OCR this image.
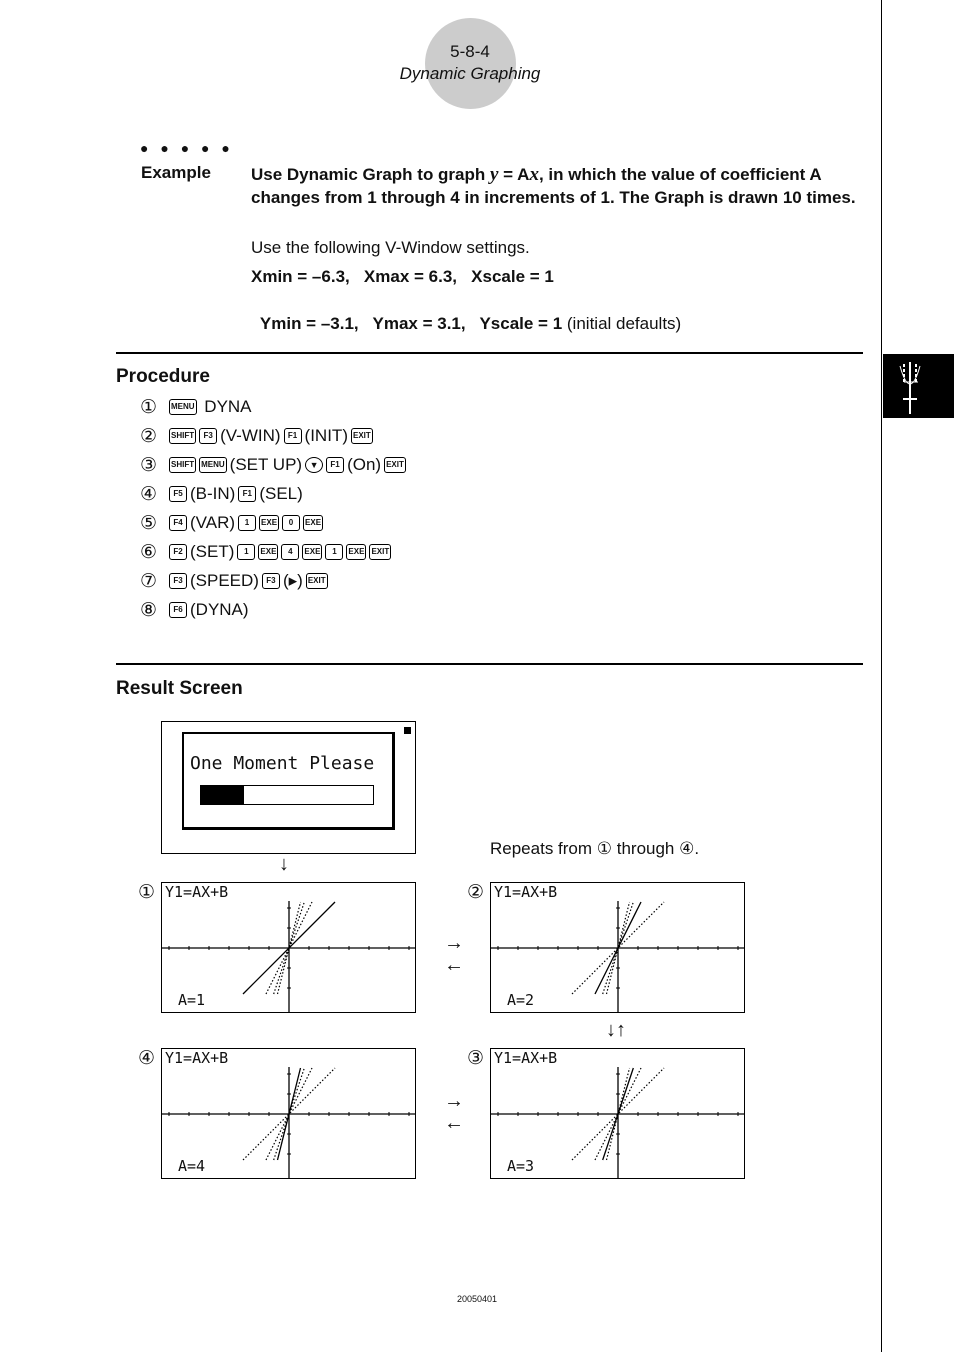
5-8-4
Dynamic Graphing
● ● ● ● ●
Example Use Dynamic Graph to graph y = Ax, in which the value of coefficient A changes from 1 through 4 in increments of 1. The Graph is drawn 10 times.
Use the following V-Window settings.
Xmin = –6.3,   Xmax = 6.3,   Xscale = 1

Ymin = –3.1,   Ymax = 3.1,   Yscale = 1 (initial defaults)

Procedure
①	MENU DYNA
②	SHIFT	F3 (V-WIN) F1 (INIT) EXIT
③	SHIFT MENU (SET UP) ▼	F1 (On) EXIT
④	F5 (B-IN) F1 (SEL)
⑤	F4 (VAR)	1	EXE	0	EXE
⑥	F2 (SET)	1	EXE	4	EXE	1	EXE EXIT
⑦	F3 (SPEED) F3 (▸) EXIT
⑧	F6 (DYNA)
Result Screen
One Moment Please
↓
Repeats from ① through ④.
① Y1=AX+B
A=1
② Y1=AX+B
A=2
④ Y1=AX+B
A=4
③ Y1=AX+B
A=3
→
←
↓↑
→
←
20050401
